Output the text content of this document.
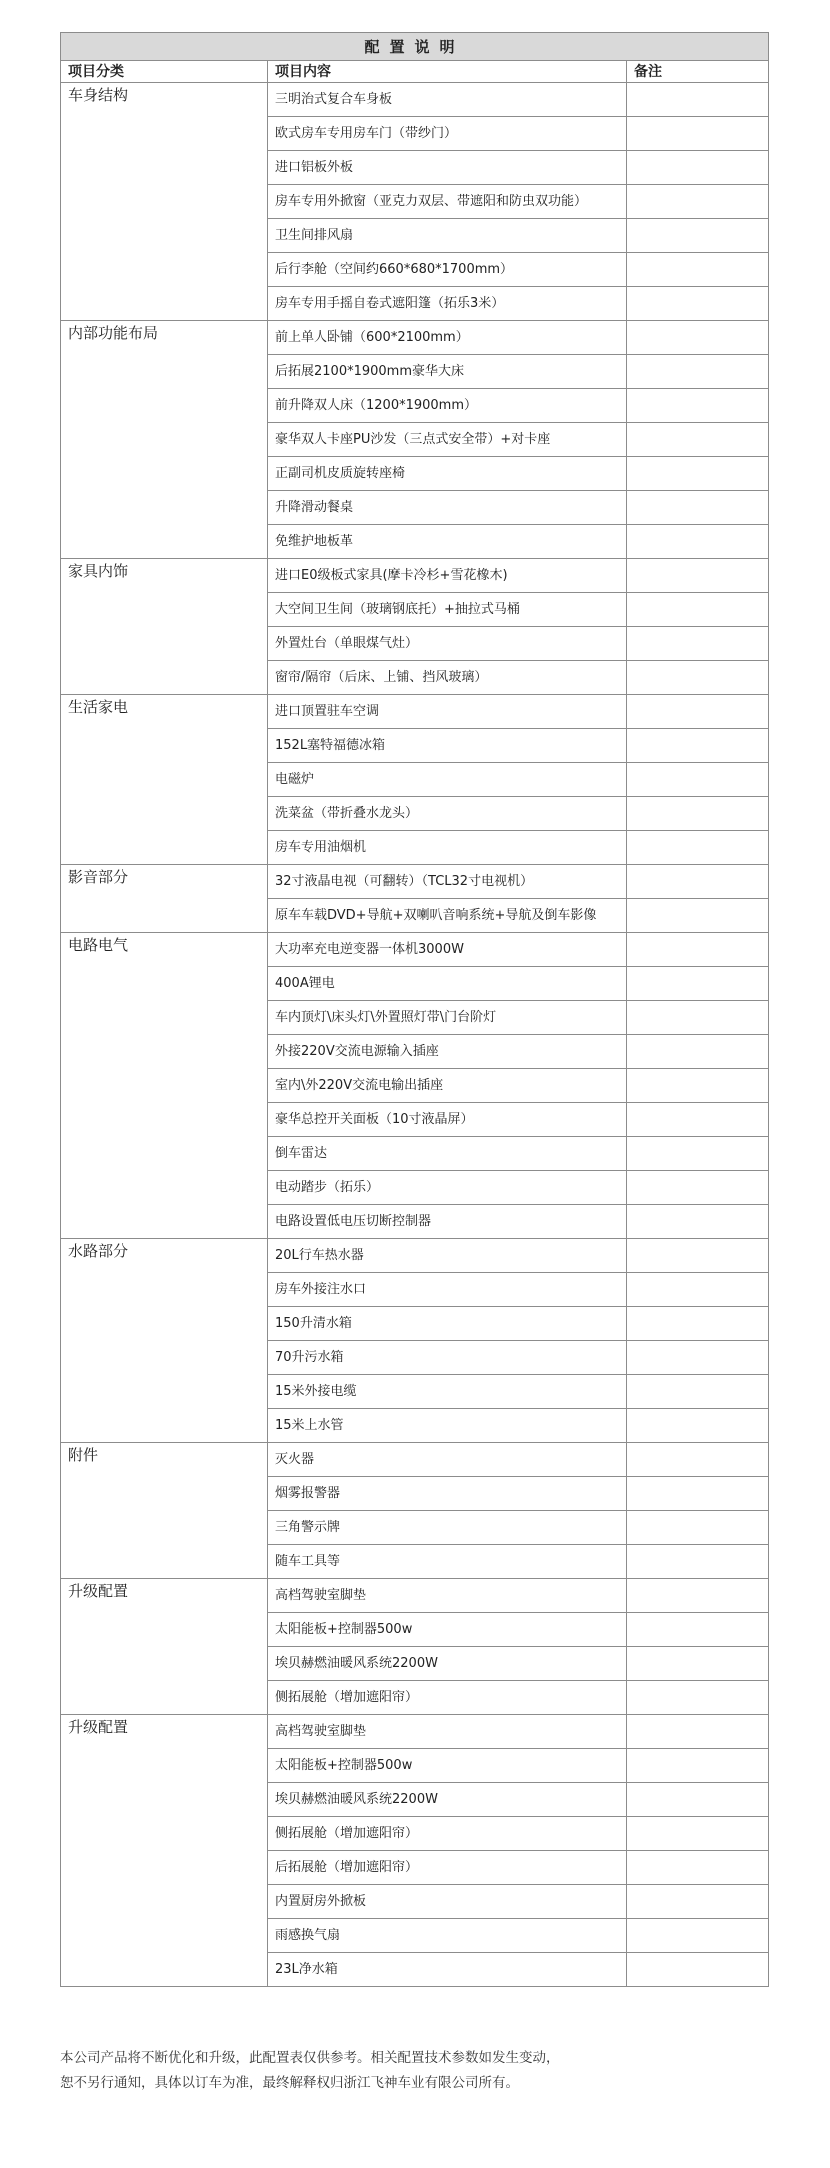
配置说明		
项目分类	项目内容	备注
车身结构	三明治式复合车身板	
	欧式房车专用房车门（带纱门）	
	进口铝板外板	
	房车专用外掀窗（亚克力双层、带遮阳和防虫双功能）	
	卫生间排风扇	
	后行李舱（空间约660*680*1700mm）	
	房车专用手摇自卷式遮阳篷（拓乐3米）	
内部功能布局	前上单人卧铺（600*2100mm）	
	后拓展2100*1900mm豪华大床	
	前升降双人床（1200*1900mm）	
	豪华双人卡座PU沙发（三点式安全带）+对卡座	
	正副司机皮质旋转座椅	
	升降滑动餐桌	
	免维护地板革	
家具内饰	进口E0级板式家具(摩卡冷杉+雪花橡木)	
	大空间卫生间（玻璃钢底托）+抽拉式马桶	
	外置灶台（单眼煤气灶）	
	窗帘/隔帘（后床、上铺、挡风玻璃）	
生活家电	进口顶置驻车空调	
	152L塞特福德冰箱	
	电磁炉	
	洗菜盆（带折叠水龙头）	
	房车专用油烟机	
影音部分	32寸液晶电视（可翻转）（TCL32寸电视机）	
	原车车载DVD+导航+双喇叭音响系统+导航及倒车影像	
电路电气	大功率充电逆变器一体机3000W	
	400A锂电	
	车内顶灯\床头灯\外置照灯带\门台阶灯	
	外接220V交流电源输入插座	
	室内\外220V交流电输出插座	
	豪华总控开关面板（10寸液晶屏）	
	倒车雷达	
	电动踏步（拓乐）	
	电路设置低电压切断控制器	
水路部分	20L行车热水器	
	房车外接注水口	
	150升清水箱	
	70升污水箱	
	15米外接电缆	
	15米上水管	
附件	灭火器	
	烟雾报警器	
	三角警示牌	
	随车工具等	
升级配置	高档驾驶室脚垫	
	太阳能板+控制器500w	
	埃贝赫燃油暖风系统2200W	
	侧拓展舱（增加遮阳帘）	
升级配置	高档驾驶室脚垫	
	太阳能板+控制器500w	
	埃贝赫燃油暖风系统2200W	
	侧拓展舱（增加遮阳帘）	
	后拓展舱（增加遮阳帘）	
	内置厨房外掀板	
	雨感换气扇	
	23L净水箱	

本公司产品将不断优化和升级，此配置表仅供参考。相关配置技术参数如发生变动，

恕不另行通知，具体以订车为准，最终解释权归浙江飞神车业有限公司所有。
